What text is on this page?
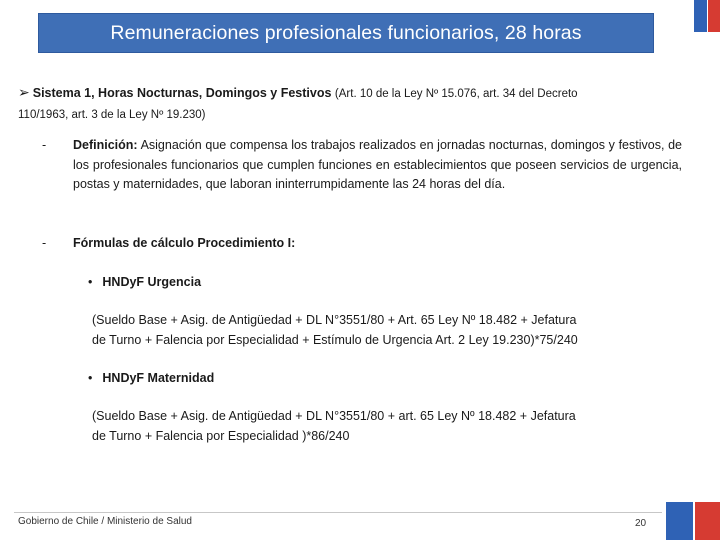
Remuneraciones profesionales funcionarios, 28 horas
➢ Sistema 1, Horas Nocturnas, Domingos y Festivos (Art. 10 de la Ley Nº 15.076, art. 34 del Decreto
110/1963, art. 3 de la Ley Nº 19.230)
- Definición: Asignación que compensa los trabajos realizados en jornadas nocturnas, domingos y festivos, de los profesionales funcionarios que cumplen funciones en establecimientos que poseen servicios de urgencia, postas y maternidades, que laboran ininterrumpidamente las 24 horas del día.
- Fórmulas de cálculo Procedimiento I:
• HNDyF Urgencia
(Sueldo Base + Asig. de Antigüedad + DL N°3551/80 + Art. 65 Ley Nº 18.482 + Jefatura
de Turno + Falencia por Especialidad + Estímulo de Urgencia Art. 2 Ley 19.230)*75/240
• HNDyF Maternidad
(Sueldo Base + Asig. de Antigüedad + DL N°3551/80 + art. 65 Ley Nº 18.482 + Jefatura
de Turno + Falencia por Especialidad )*86/240
Gobierno de Chile / Ministerio de Salud	20
